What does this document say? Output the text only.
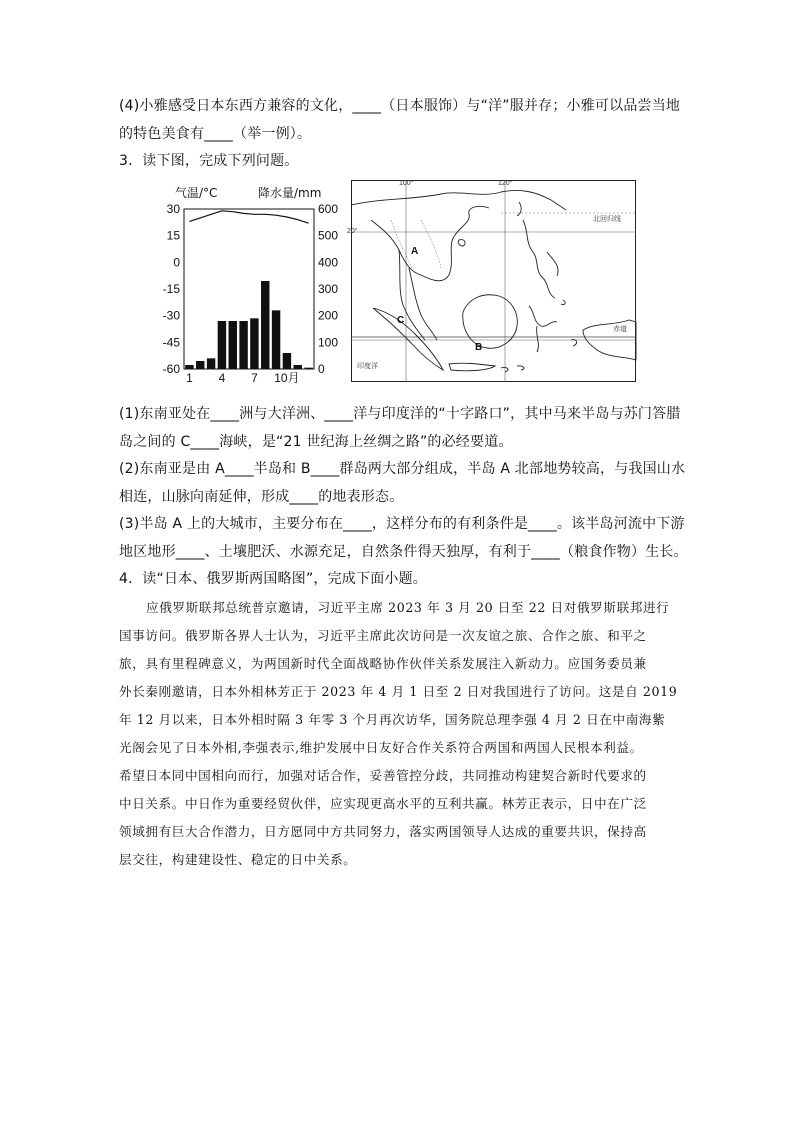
(4)小雅感受日本东西方兼容的文化，____（日本服饰）与“洋”服并存；小雅可以品尝当地
的特色美食有____（举一例）。
3．读下图，完成下列问题。
气温/°C	降水量/mm
30
15
0
-15
-30
-45
-60
600
500
400
300
200
100
0
1 4 7 10月
100°	120°
20°
北回归线
赤道
印度洋
A
B
C
(1)东南亚处在____洲与大洋洲、____洋与印度洋的“十字路口”，其中马来半岛与苏门答腊
岛之间的 C____海峡，是“21 世纪海上丝绸之路”的必经要道。
(2)东南亚是由 A____半岛和 B____群岛两大部分组成，半岛 A 北部地势较高，与我国山水
相连，山脉向南延伸，形成____的地表形态。
(3)半岛 A 上的大城市，主要分布在____，这样分布的有利条件是____。该半岛河流中下游
地区地形____、土壤肥沃、水源充足，自然条件得天独厚，有利于____（粮食作物）生长。
4．读“日本、俄罗斯两国略图”，完成下面小题。
应俄罗斯联邦总统普京邀请，习近平主席 2023 年 3 月 20 日至 22 日对俄罗斯联邦进行
国事访问。俄罗斯各界人士认为，习近平主席此次访问是一次友谊之旅、合作之旅、和平之
旅，具有里程碑意义，为两国新时代全面战略协作伙伴关系发展注入新动力。应国务委员兼
外长秦刚邀请，日本外相林芳正于 2023 年 4 月 1 日至 2 日对我国进行了访问。这是自 2019
年 12 月以来，日本外相时隔 3 年零 3 个月再次访华，国务院总理李强 4 月 2 日在中南海紫
光阁会见了日本外相,李强表示,维护发展中日友好合作关系符合两国和两国人民根本利益。
希望日本同中国相向而行，加强对话合作，妥善管控分歧，共同推动构建契合新时代要求的
中日关系。中日作为重要经贸伙伴，应实现更高水平的互利共赢。林芳正表示，日中在广泛
领域拥有巨大合作潜力，日方愿同中方共同努力，落实两国领导人达成的重要共识，保持高
层交往，构建建设性、稳定的日中关系。
